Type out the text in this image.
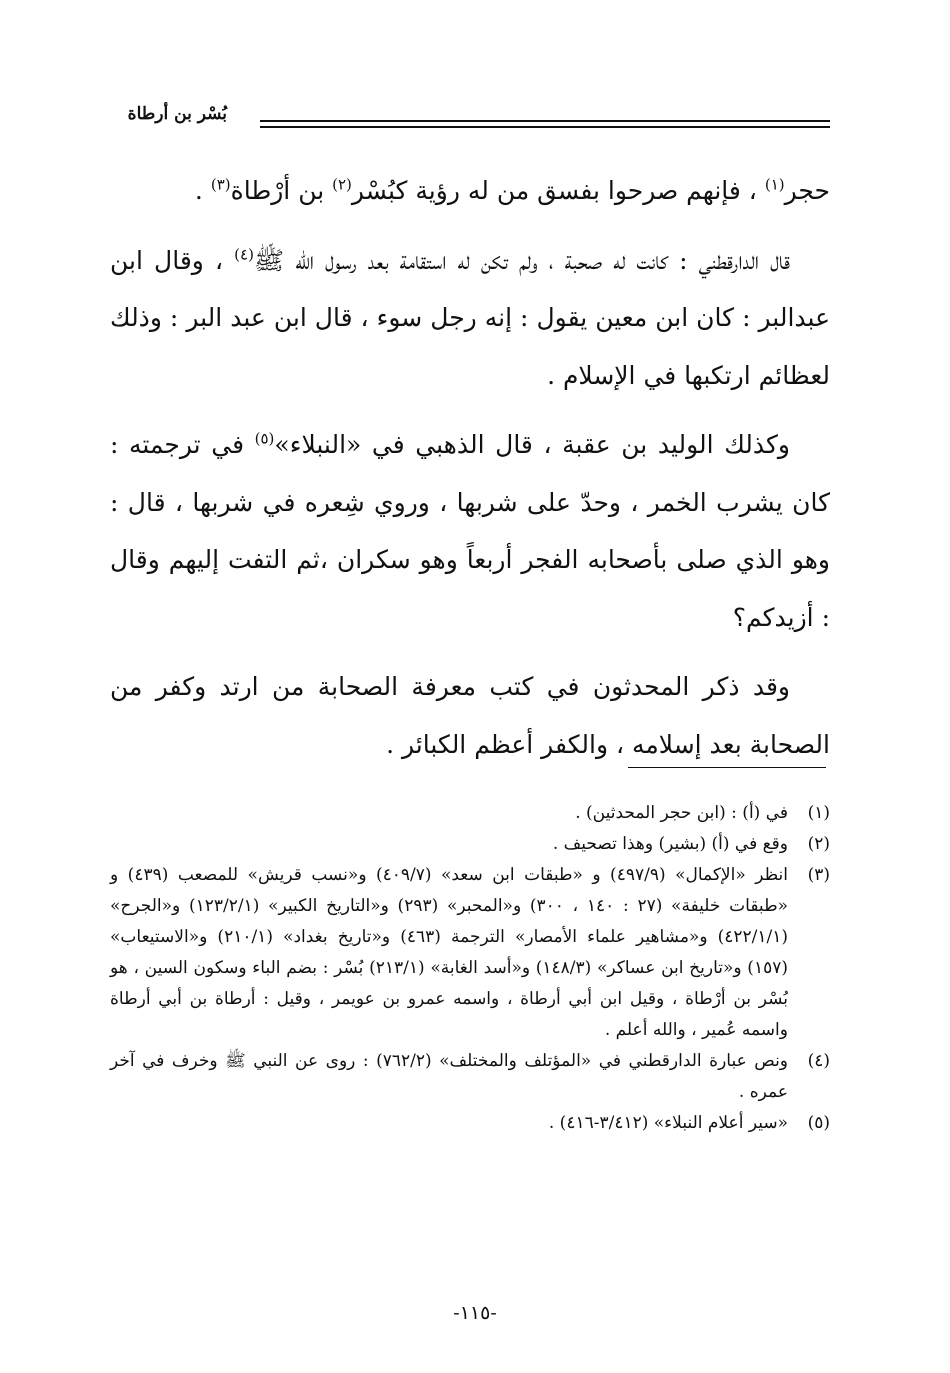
بُسْر بن أرطاة

حجر$^{(١)}$ ، فإنهم صرحوا بفسق من له رؤية كبُسْر$^{(٢)}$ بن أرْطاة$^{(٣)}$ .

قال الدارقطني : كانت له صحبة ، ولم تكن له استقامة بعد رسول الله ﷺ$^{(٤)}$ ، وقال ابن عبدالبر : كان ابن معين يقول : إنه رجل سوء ، قال ابن عبد البر : وذلك لعظائم ارتكبها في الإسلام .

وكذلك الوليد بن عقبة ، قال الذهبي في «النبلاء»$^{(٥)}$ في ترجمته : كان يشرب الخمر ، وحدّ على شربها ، وروي شِعره في شربها ، قال : وهو الذي صلى بأصحابه الفجر أربعاً وهو سكران ،ثم التفت إليهم وقال : أزيدكم؟

وقد ذكر المحدثون في كتب معرفة الصحابة من ارتد وكفر من الصحابة بعد إسلامه ، والكفر أعظم الكبائر .

(١)
في (أ) : (ابن حجر المحدثين) .
(٢)
وقع في (أ) (بشير) وهذا تصحيف .
(٣)
انظر «الإكمال» (٤٩٧/٩) و «طبقات ابن سعد» (٤٠٩/٧) و«نسب قريش» للمصعب (٤٣٩) و «طبقات خليفة» (٢٧ : ١٤٠ ، ٣٠٠) و«المحبر» (٢٩٣) و«التاريخ الكبير» (١٢٣/٢/١) و«الجرح» (٤٢٢/١/١) و«مشاهير علماء الأمصار» الترجمة (٤٦٣) و«تاريخ بغداد» (٢١٠/١) و«الاستيعاب» (١٥٧) و«تاريخ ابن عساكر» (١٤٨/٣) و«أسد الغابة» (٢١٣/١) بُسْر : بضم الباء وسكون السين ، هو بُسْر بن أرْطاة ، وقيل ابن أبي أرطاة ، واسمه عمرو بن عويمر ، وقيل : أرطاة بن أبي أرطاة واسمه عُمير ، والله أعلم .
(٤)
ونص عبارة الدارقطني في «المؤتلف والمختلف» (٧٦٢/٢) : روى عن النبي ﷺ وخرف في آخر عمره .
(٥)
«سير أعلام النبلاء» (٣/٤١٢-٤١٦) .
-١١٥-
